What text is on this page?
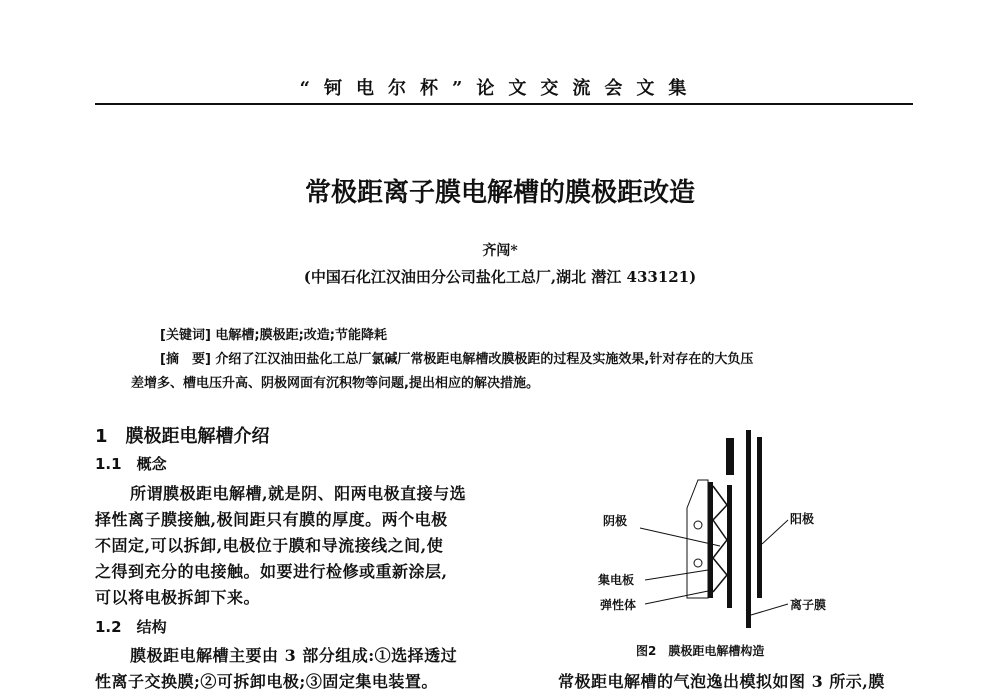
“钶电尔杯”论文交流会文集
常极距离子膜电解槽的膜极距改造
齐闯*
(中国石化江汉油田分公司盐化工总厂,湖北 潜江 433121)
[关键词] 电解槽;膜极距;改造;节能降耗
[摘　要] 介绍了江汉油田盐化工总厂氯碱厂常极距电解槽改膜极距的过程及实施效果,针对存在的大负压
差增多、槽电压升高、阴极网面有沉积物等问题,提出相应的解决措施。
1　膜极距电解槽介绍
1.1　概念
所谓膜极距电解槽,就是阴、阳两电极直接与选
择性离子膜接触,极间距只有膜的厚度。两个电极
不固定,可以拆卸,电极位于膜和导流接线之间,使
之得到充分的电接触。如要进行检修或重新涂层,
可以将电极拆卸下来。
1.2　结构
膜极距电解槽主要由 3 部分组成:①选择透过
性离子交换膜;②可拆卸电极;③固定集电装置。
阴极	阳极
集电板
弹性体	离子膜
图2　膜极距电解槽构造
常极距电解槽的气泡逸出模拟如图 3 所示,膜
